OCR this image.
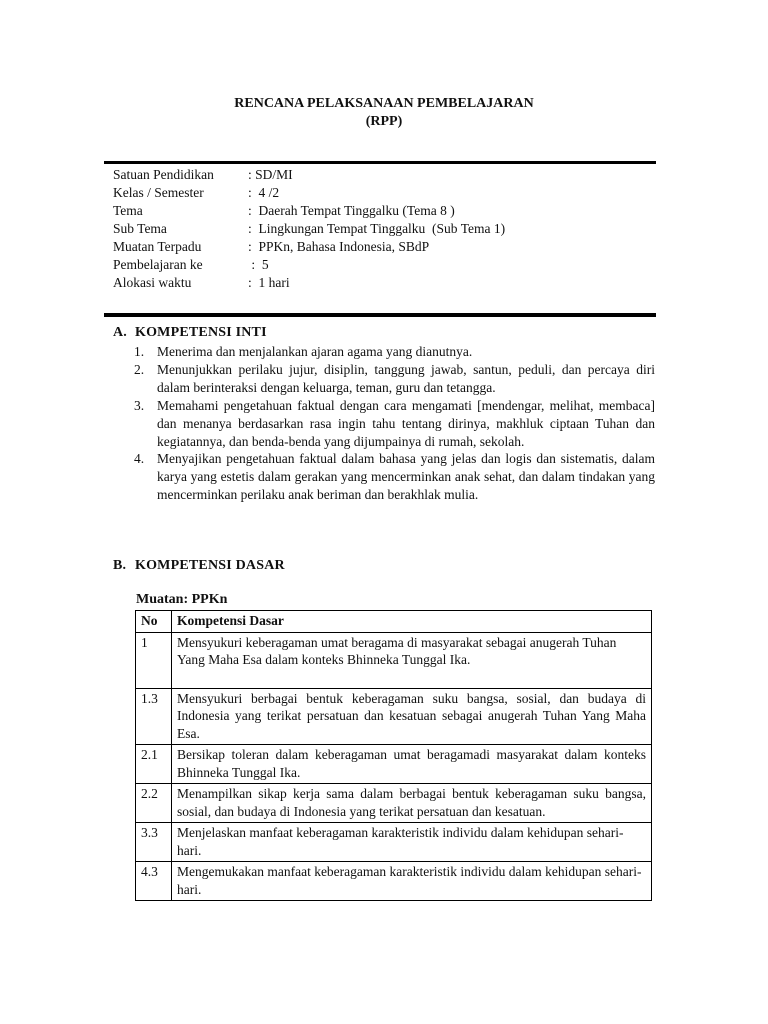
RENCANA PELAKSANAAN PEMBELAJARAN
(RPP)
Satuan Pendidikan	: SD/MI
Kelas / Semester	:  4 /2
Tema	:  Daerah Tempat Tinggalku (Tema 8 )
Sub Tema	:  Lingkungan Tempat Tinggalku  (Sub Tema 1)
Muatan Terpadu	:  PPKn, Bahasa Indonesia, SBdP
Pembelajaran ke	:  5
Alokasi waktu	:  1 hari
A. KOMPETENSI INTI
1. Menerima dan menjalankan ajaran agama yang dianutnya.
2. Menunjukkan perilaku jujur, disiplin, tanggung jawab, santun, peduli, dan percaya diri dalam berinteraksi dengan keluarga, teman, guru dan tetangga.
3. Memahami pengetahuan faktual dengan cara mengamati [mendengar, melihat, membaca] dan menanya berdasarkan rasa ingin tahu tentang dirinya, makhluk ciptaan Tuhan dan kegiatannya, dan benda-benda yang dijumpainya di rumah, sekolah.
4. Menyajikan pengetahuan faktual dalam bahasa yang jelas dan logis dan sistematis, dalam karya yang estetis dalam gerakan yang mencerminkan anak sehat, dan dalam tindakan yang mencerminkan perilaku anak beriman dan berakhlak mulia.
B. KOMPETENSI DASAR
Muatan: PPKn
No	Kompetensi Dasar
1	Mensyukuri keberagaman umat beragama di masyarakat sebagai anugerah Tuhan Yang Maha Esa dalam konteks Bhinneka Tunggal Ika.
1.3	Mensyukuri berbagai bentuk keberagaman suku bangsa, sosial, dan budaya di Indonesia yang terikat persatuan dan kesatuan sebagai anugerah Tuhan Yang Maha Esa.
2.1	Bersikap toleran dalam keberagaman umat beragamadi masyarakat dalam konteks Bhinneka Tunggal Ika.
2.2	Menampilkan sikap kerja sama dalam berbagai bentuk keberagaman suku bangsa, sosial, dan budaya di Indonesia yang terikat persatuan dan kesatuan.
3.3	Menjelaskan manfaat keberagaman karakteristik individu dalam kehidupan sehari-hari.
4.3	Mengemukakan manfaat keberagaman karakteristik individu dalam kehidupan sehari-hari.
